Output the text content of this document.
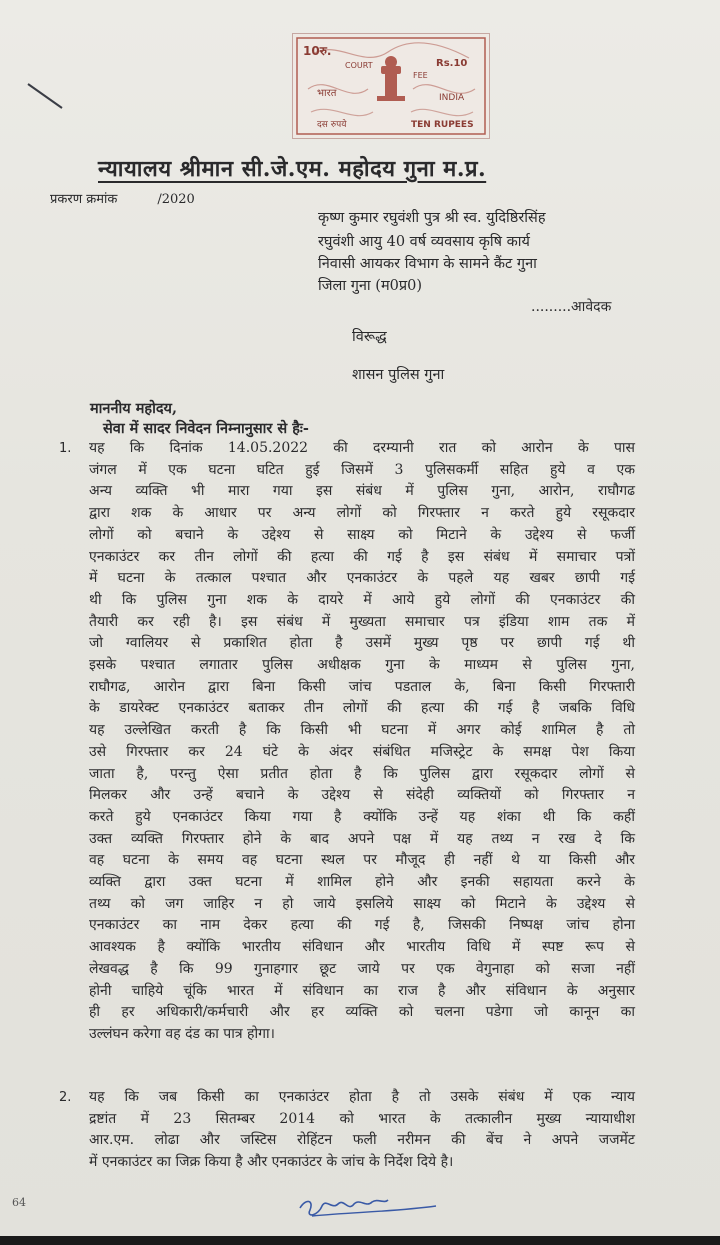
10रु.
Rs.10
COURT
FEE
भारत	INDIA
दस रुपये	TEN RUPEES
न्यायालय श्रीमान सी.जे.एम. महोदय गुना म.प्र.
प्रकरण क्रमांक	/2020
कृष्ण कुमार रघुवंशी पुत्र श्री स्व. युदिष्ठिरसिंह
रघुवंशी आयु 40 वर्ष व्यवसाय कृषि कार्य
निवासी आयकर विभाग के सामने कैंट गुना
जिला गुना (म0प्र0)
.........आवेदक
विरूद्ध
शासन पुलिस गुना
माननीय महोदय,
सेवा में सादर निवेदन निम्नानुसार से हैः-
1. यह कि दिनांक 14.05.2022 की दरम्यानी रात को आरोन के पास

जंगल में एक घटना घटित हुई जिसमें 3 पुलिसकर्मी सहित हुये व एक

अन्य व्यक्ति भी मारा गया इस संबंध में पुलिस गुना, आरोन, राघौगढ

द्वारा शक के आधार पर अन्य लोगों को गिरफ्तार न करते हुये रसूकदार

लोगों को बचाने के उद्देश्य से साक्ष्य को मिटाने के उद्देश्य से फर्जी

एनकाउंटर कर तीन लोगों की हत्या की गई है इस संबंध में समाचार पत्रों

में घटना के तत्काल पश्चात और एनकाउंटर के पहले यह खबर छापी गई

थी कि पुलिस गुना शक के दायरे में आये हुये लोगों की एनकाउंटर की

तैयारी कर रही है। इस संबंध में मुख्यता समाचार पत्र इंडिया शाम तक में

जो ग्वालियर से प्रकाशित होता है उसमें मुख्य पृष्ठ पर छापी गई थी

इसके पश्चात लगातार पुलिस अधीक्षक गुना के माध्यम से पुलिस गुना,

राघौगढ, आरोन द्वारा बिना किसी जांच पडताल के, बिना किसी गिरफ्तारी

के डायरेक्ट एनकाउंटर बताकर तीन लोगों की हत्या की गई है जबकि विधि

यह उल्लेखित करती है कि किसी भी घटना में अगर कोई शामिल है तो

उसे गिरफ्तार कर 24 घंटे के अंदर संबंधित मजिस्ट्रेट के समक्ष पेश किया

जाता है, परन्तु ऐसा प्रतीत होता है कि पुलिस द्वारा रसूकदार लोगों से

मिलकर और उन्हें बचाने के उद्देश्य से संदेही व्यक्तियों को गिरफ्तार न

करते हुये एनकाउंटर किया गया है क्योंकि उन्हें यह शंका थी कि कहीं

उक्त व्यक्ति गिरफ्तार होने के बाद अपने पक्ष में यह तथ्य न रख दे कि

वह घटना के समय वह घटना स्थल पर मौजूद ही नहीं थे या किसी और

व्यक्ति द्वारा उक्त घटना में शामिल होने और इनकी सहायता करने के

तथ्य को जग जाहिर न हो जाये इसलिये साक्ष्य को मिटाने के उद्देश्य से

एनकाउंटर का नाम देकर हत्या की गई है, जिसकी निष्पक्ष जांच होना

आवश्यक है क्योंकि भारतीय संविधान और भारतीय विधि में स्पष्ट रूप से

लेखवद्ध है कि 99 गुनाहगार छूट जाये पर एक वेगुनाहा को सजा नहीं

होनी चाहिये चूंकि भारत में संविधान का राज है और संविधान के अनुसार

ही हर अधिकारी/कर्मचारी और हर व्यक्ति को चलना पडेगा जो कानून का

उल्लंघन करेगा वह दंड का पात्र होगा।

2. यह कि जब किसी का एनकाउंटर होता है तो उसके संबंध में एक न्याय

द्रष्टांत में 23 सितम्बर 2014 को भारत के तत्कालीन मुख्य न्यायाधीश

आर.एम. लोढा और जस्टिस रोहिंटन फली नरीमन की बेंच ने अपने जजमेंट

में एनकाउंटर का जिक्र किया है और एनकाउंटर के जांच के निर्देश दिये है।

64
